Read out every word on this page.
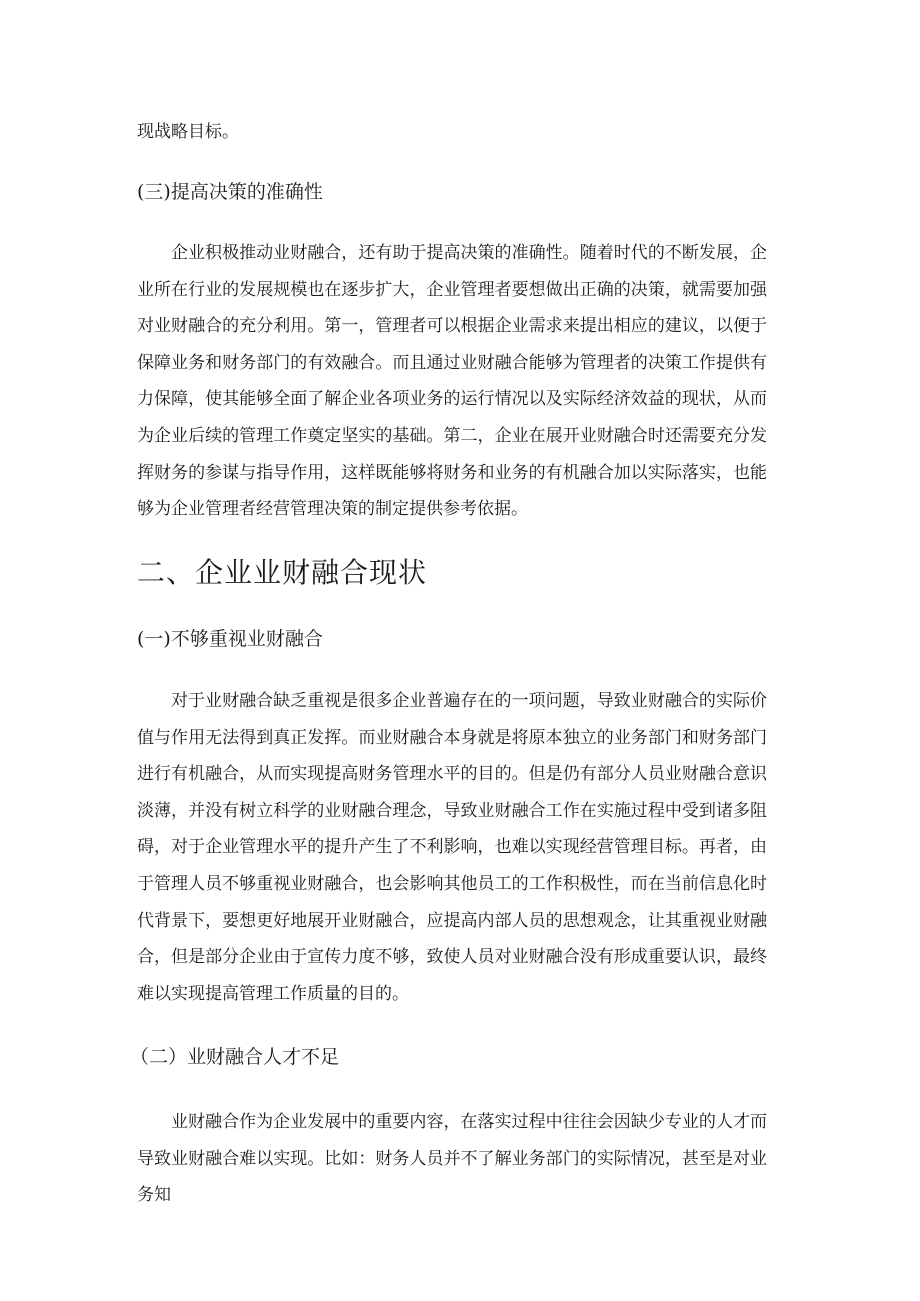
现战略目标。
(三)提高决策的准确性

企业积极推动业财融合，还有助于提高决策的准确性。随着时代的不断发展，企业所在行业的发展规模也在逐步扩大，企业管理者要想做出正确的决策，就需要加强对业财融合的充分利用。第一，管理者可以根据企业需求来提出相应的建议，以便于保障业务和财务部门的有效融合。而且通过业财融合能够为管理者的决策工作提供有力保障，使其能够全面了解企业各项业务的运行情况以及实际经济效益的现状，从而为企业后续的管理工作奠定坚实的基础。第二，企业在展开业财融合时还需要充分发挥财务的参谋与指导作用，这样既能够将财务和业务的有机融合加以实际落实，也能够为企业管理者经营管理决策的制定提供参考依据。

二、企业业财融合现状
(一)不够重视业财融合

对于业财融合缺乏重视是很多企业普遍存在的一项问题，导致业财融合的实际价值与作用无法得到真正发挥。而业财融合本身就是将原本独立的业务部门和财务部门进行有机融合，从而实现提高财务管理水平的目的。但是仍有部分人员业财融合意识淡薄，并没有树立科学的业财融合理念，导致业财融合工作在实施过程中受到诸多阻碍，对于企业管理水平的提升产生了不利影响，也难以实现经营管理目标。再者，由于管理人员不够重视业财融合，也会影响其他员工的工作积极性，而在当前信息化时代背景下，要想更好地展开业财融合，应提高内部人员的思想观念，让其重视业财融合，但是部分企业由于宣传力度不够，致使人员对业财融合没有形成重要认识，最终难以实现提高管理工作质量的目的。

（二）业财融合人才不足

业财融合作为企业发展中的重要内容，在落实过程中往往会因缺少专业的人才而导致业财融合难以实现。比如：财务人员并不了解业务部门的实际情况，甚至是对业务知
